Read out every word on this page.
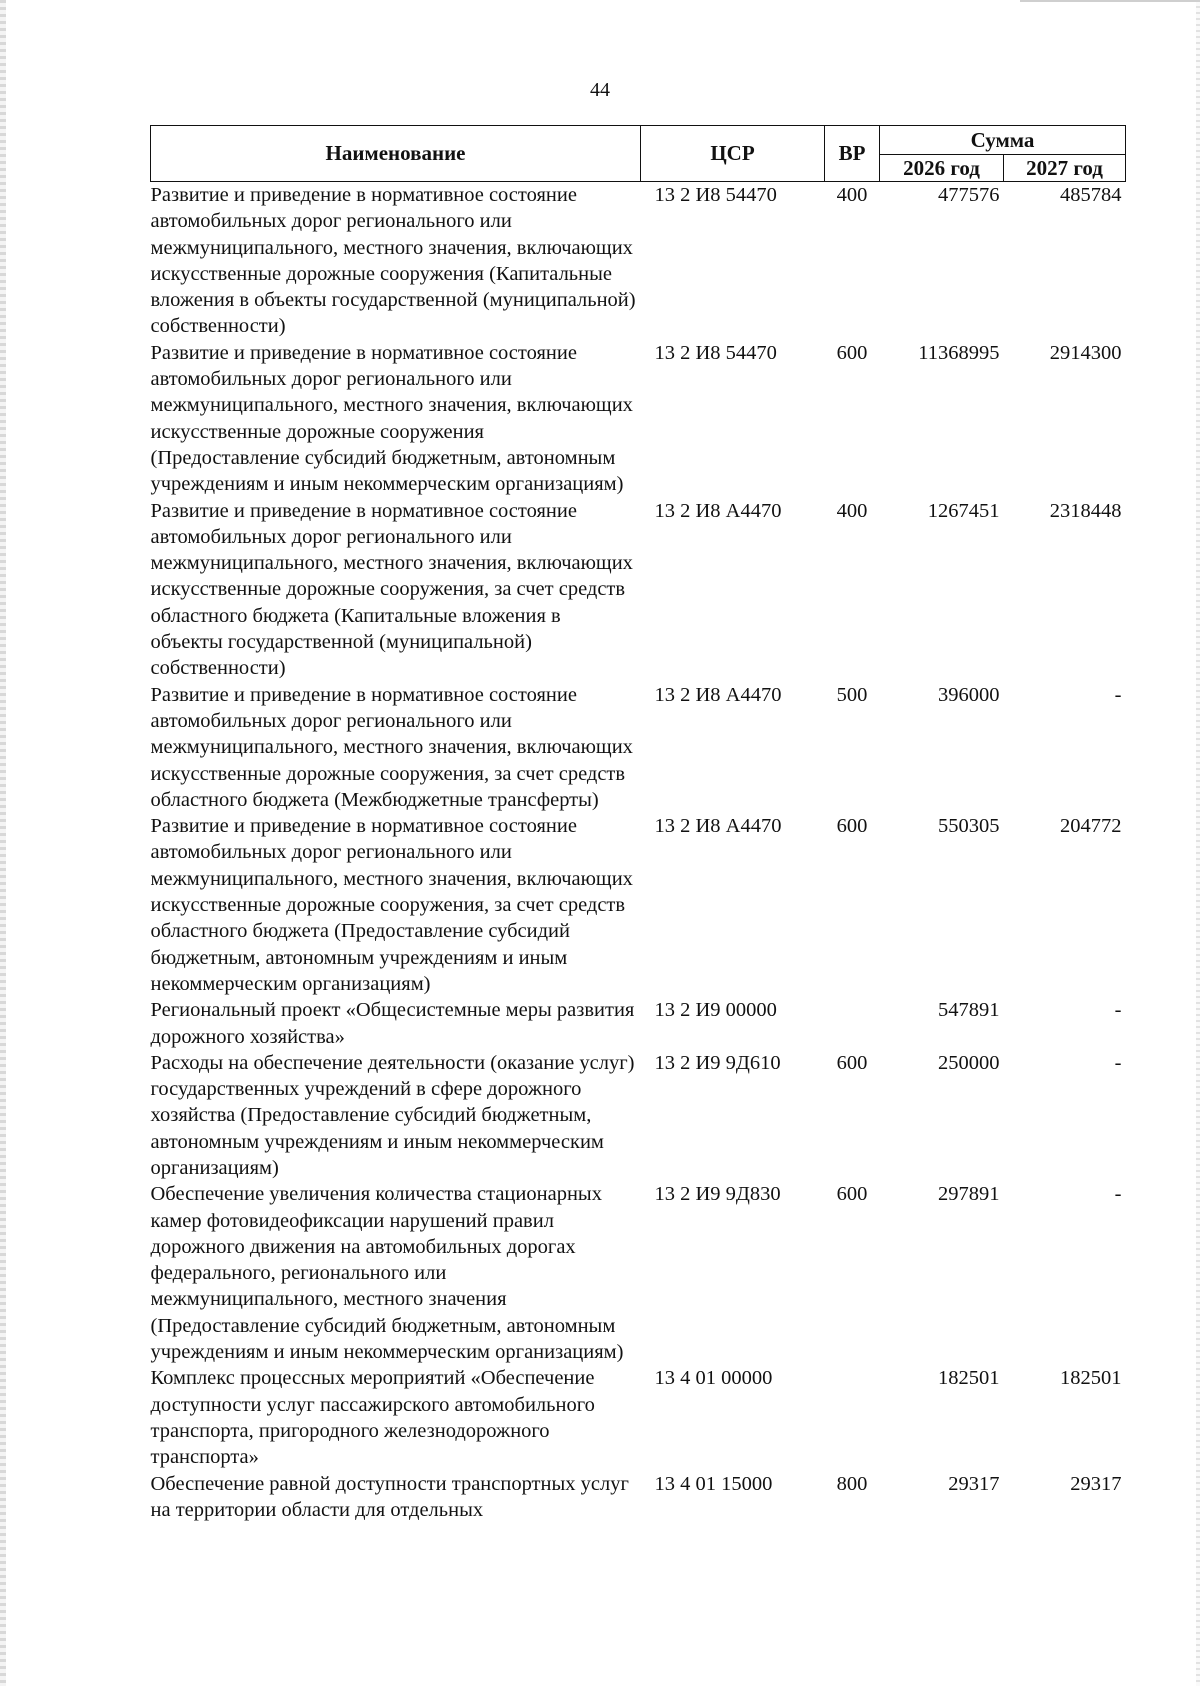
44
Наименование	ЦСР	ВР	Сумма	
			2026 год	2027 год
Развитие и приведение в нормативное состояние автомобильных дорог регионального или межмуниципального, местного значения, включающих искусственные дорожные сооружения (Капитальные вложения в объекты государственной (муниципальной) собственности)	13 2 И8 54470	400	477576	485784
Развитие и приведение в нормативное состояние автомобильных дорог регионального или межмуниципального, местного значения, включающих искусственные дорожные сооружения (Предоставление субсидий бюджетным, автономным учреждениям и иным некоммерческим организациям)	13 2 И8 54470	600	11368995	2914300
Развитие и приведение в нормативное состояние автомобильных дорог регионального или межмуниципального, местного значения, включающих искусственные дорожные сооружения, за счет средств областного бюджета (Капитальные вложения в объекты государственной (муниципальной) собственности)	13 2 И8 А4470	400	1267451	2318448
Развитие и приведение в нормативное состояние автомобильных дорог регионального или межмуниципального, местного значения, включающих искусственные дорожные сооружения, за счет средств областного бюджета (Межбюджетные трансферты)	13 2 И8 А4470	500	396000	-
Развитие и приведение в нормативное состояние автомобильных дорог регионального или межмуниципального, местного значения, включающих искусственные дорожные сооружения, за счет средств областного бюджета (Предоставление субсидий бюджетным, автономным учреждениям и иным некоммерческим организациям)	13 2 И8 А4470	600	550305	204772
Региональный проект «Общесистемные меры развития дорожного хозяйства»	13 2 И9 00000		547891	-
Расходы на обеспечение деятельности (оказание услуг) государственных учреждений в сфере дорожного хозяйства (Предоставление субсидий бюджетным, автономным учреждениям и иным некоммерческим организациям)	13 2 И9 9Д610	600	250000	-
Обеспечение увеличения количества стационарных камер фотовидеофиксации нарушений правил дорожного движения на автомобильных дорогах федерального, регионального или межмуниципального, местного значения (Предоставление субсидий бюджетным, автономным учреждениям и иным некоммерческим организациям)	13 2 И9 9Д830	600	297891	-
Комплекс процессных мероприятий «Обеспечение доступности услуг пассажирского автомобильного транспорта, пригородного железнодорожного транспорта»	13 4 01 00000		182501	182501
Обеспечение равной доступности транспортных услуг на территории области для отдельных	13 4 01 15000	800	29317	29317
